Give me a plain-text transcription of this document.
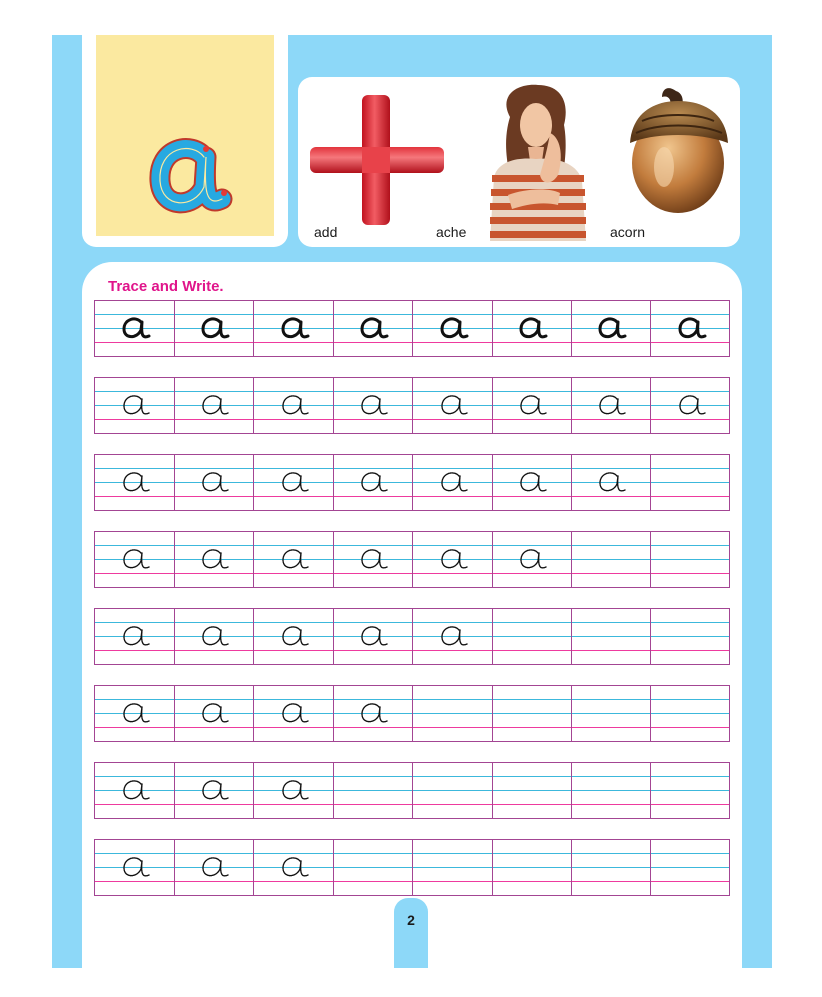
add	ache	acorn
Trace and Write.
2
